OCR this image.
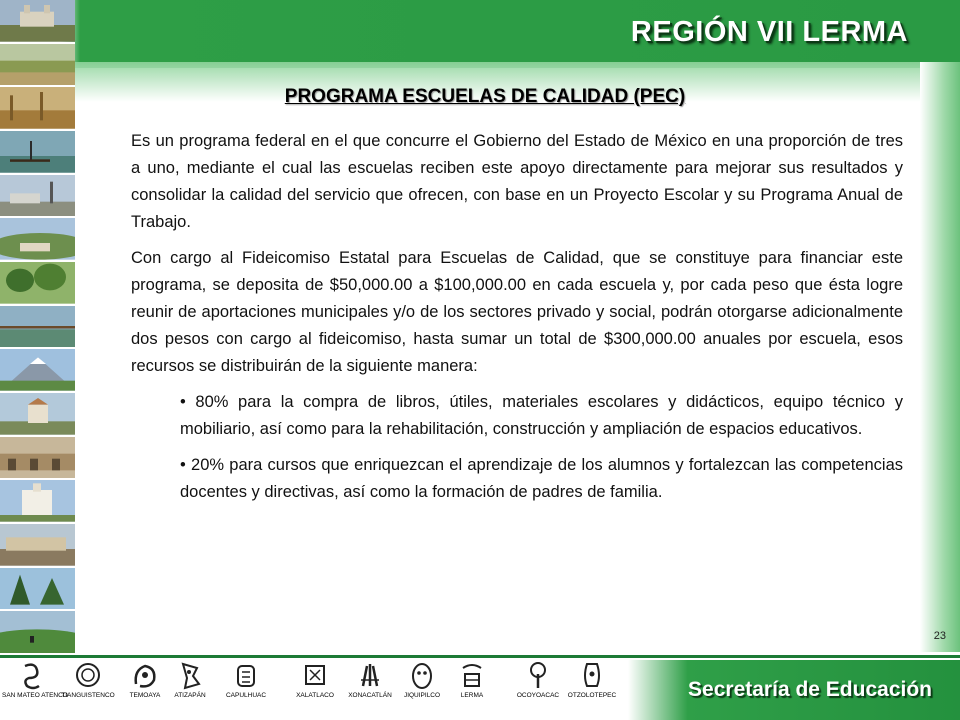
REGIÓN VII LERMA
PROGRAMA ESCUELAS DE CALIDAD (PEC)

Es un programa federal en el que concurre el Gobierno del Estado de México en una proporción de tres a uno, mediante el cual las escuelas reciben este apoyo directamente para mejorar sus resultados y consolidar la calidad del servicio que ofrecen, con base en un Proyecto Escolar y su Programa Anual de Trabajo.

Con cargo al Fideicomiso Estatal para Escuelas de Calidad, que se constituye para financiar este programa, se deposita de $50,000.00 a $100,000.00 en cada escuela y, por cada peso que ésta logre reunir de aportaciones municipales y/o de los sectores privado y social, podrán otorgarse adicionalmente dos pesos con cargo al fideicomiso, hasta sumar un total de $300,000.00 anuales por escuela, esos recursos se distribuirán de la siguiente manera:

• 80% para la compra de libros, útiles, materiales escolares y didácticos, equipo técnico y mobiliario, así como para la rehabilitación, construcción y ampliación de espacios educativos.

• 20% para cursos que enriquezcan el aprendizaje de los alumnos y fortalezcan las competencias docentes y directivas, así como la formación de padres de familia.

23
SAN MATEO ATENCO
TIANGUISTENCO	TEMOAYA	ATIZAPÁN	CAPULHUAC	XALATLACO	XONACATLÁN	JIQUIPILCO	LERMA	OCOYOACAC	OTZOLOTEPEC	Secretaría de Educación
